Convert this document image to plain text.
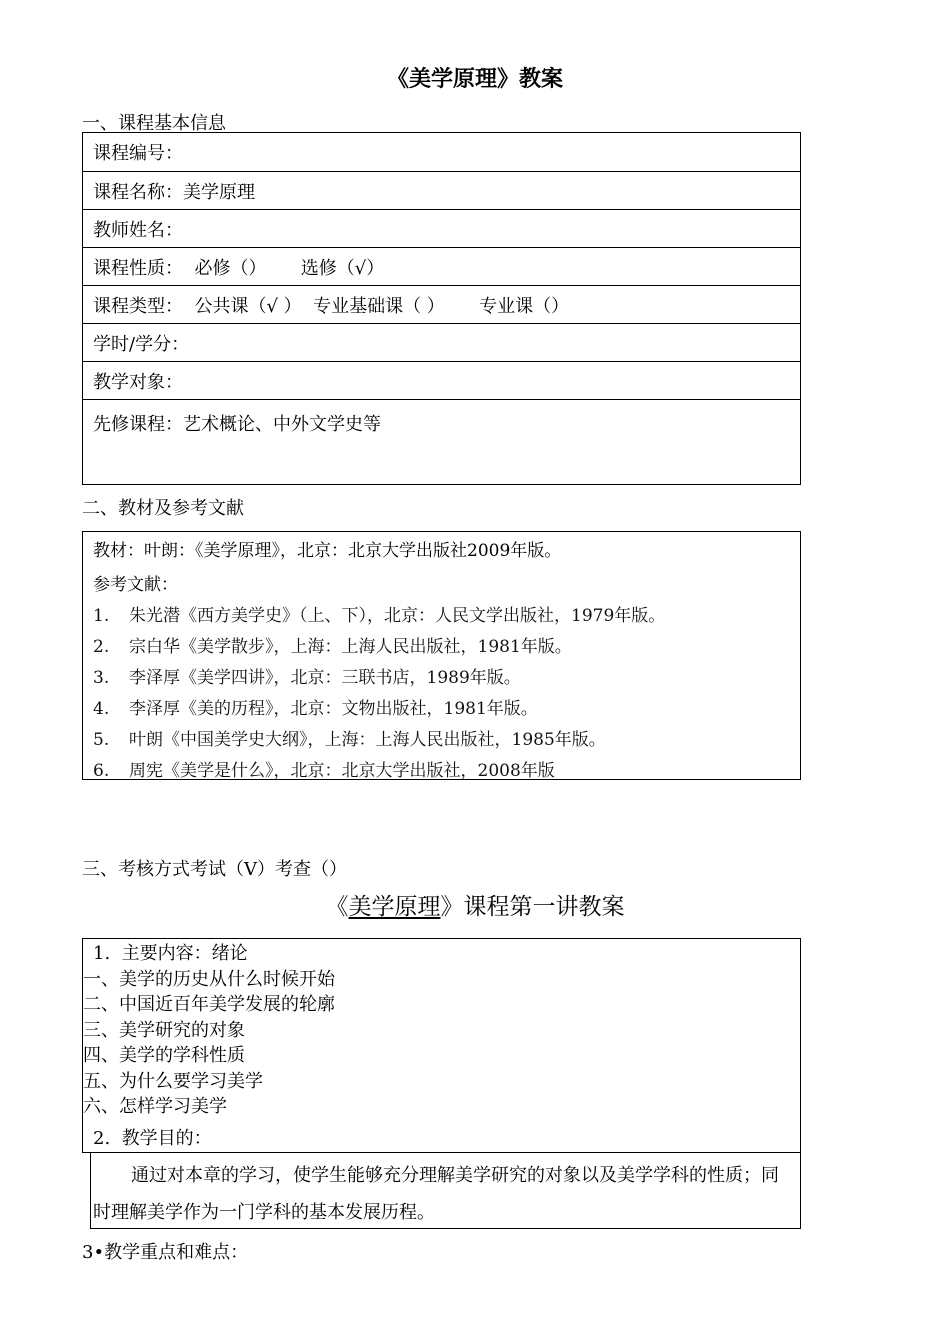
《美学原理》教案
一、课程基本信息
课程编号：
课程名称：美学原理
教师姓名：
课程性质：  必修（）      选修（√）
课程类型：  公共课（√ ）  专业基础课（ ）      专业课（）
学时/学分：
教学对象：
先修课程：艺术概论、中外文学史等
二、教材及参考文献
教材：叶朗：《美学原理》，北京：北京大学出版社2009年版。
参考文献：
1.	朱光潜《西方美学史》（上、下），北京：人民文学出版社，1979年版。
2.	宗白华《美学散步》，上海：上海人民出版社，1981年版。
3.	李泽厚《美学四讲》，北京：三联书店，1989年版。
4.	李泽厚《美的历程》，北京：文物出版社，1981年版。
5.	叶朗《中国美学史大纲》，上海：上海人民出版社，1985年版。
6.	周宪《美学是什么》，北京：北京大学出版社，2008年版
三、考核方式考试（V）考查（）
《美学原理》课程第一讲教案
1.  主要内容：绪论
一、美学的历史从什么时候开始
二、中国近百年美学发展的轮廓
三、美学研究的对象
四、美学的学科性质
五、为什么要学习美学
六、怎样学习美学
2.  教学目的：
通过对本章的学习，使学生能够充分理解美学研究的对象以及美学学科的性质；同时理解美学作为一门学科的基本发展历程。
3•教学重点和难点：
